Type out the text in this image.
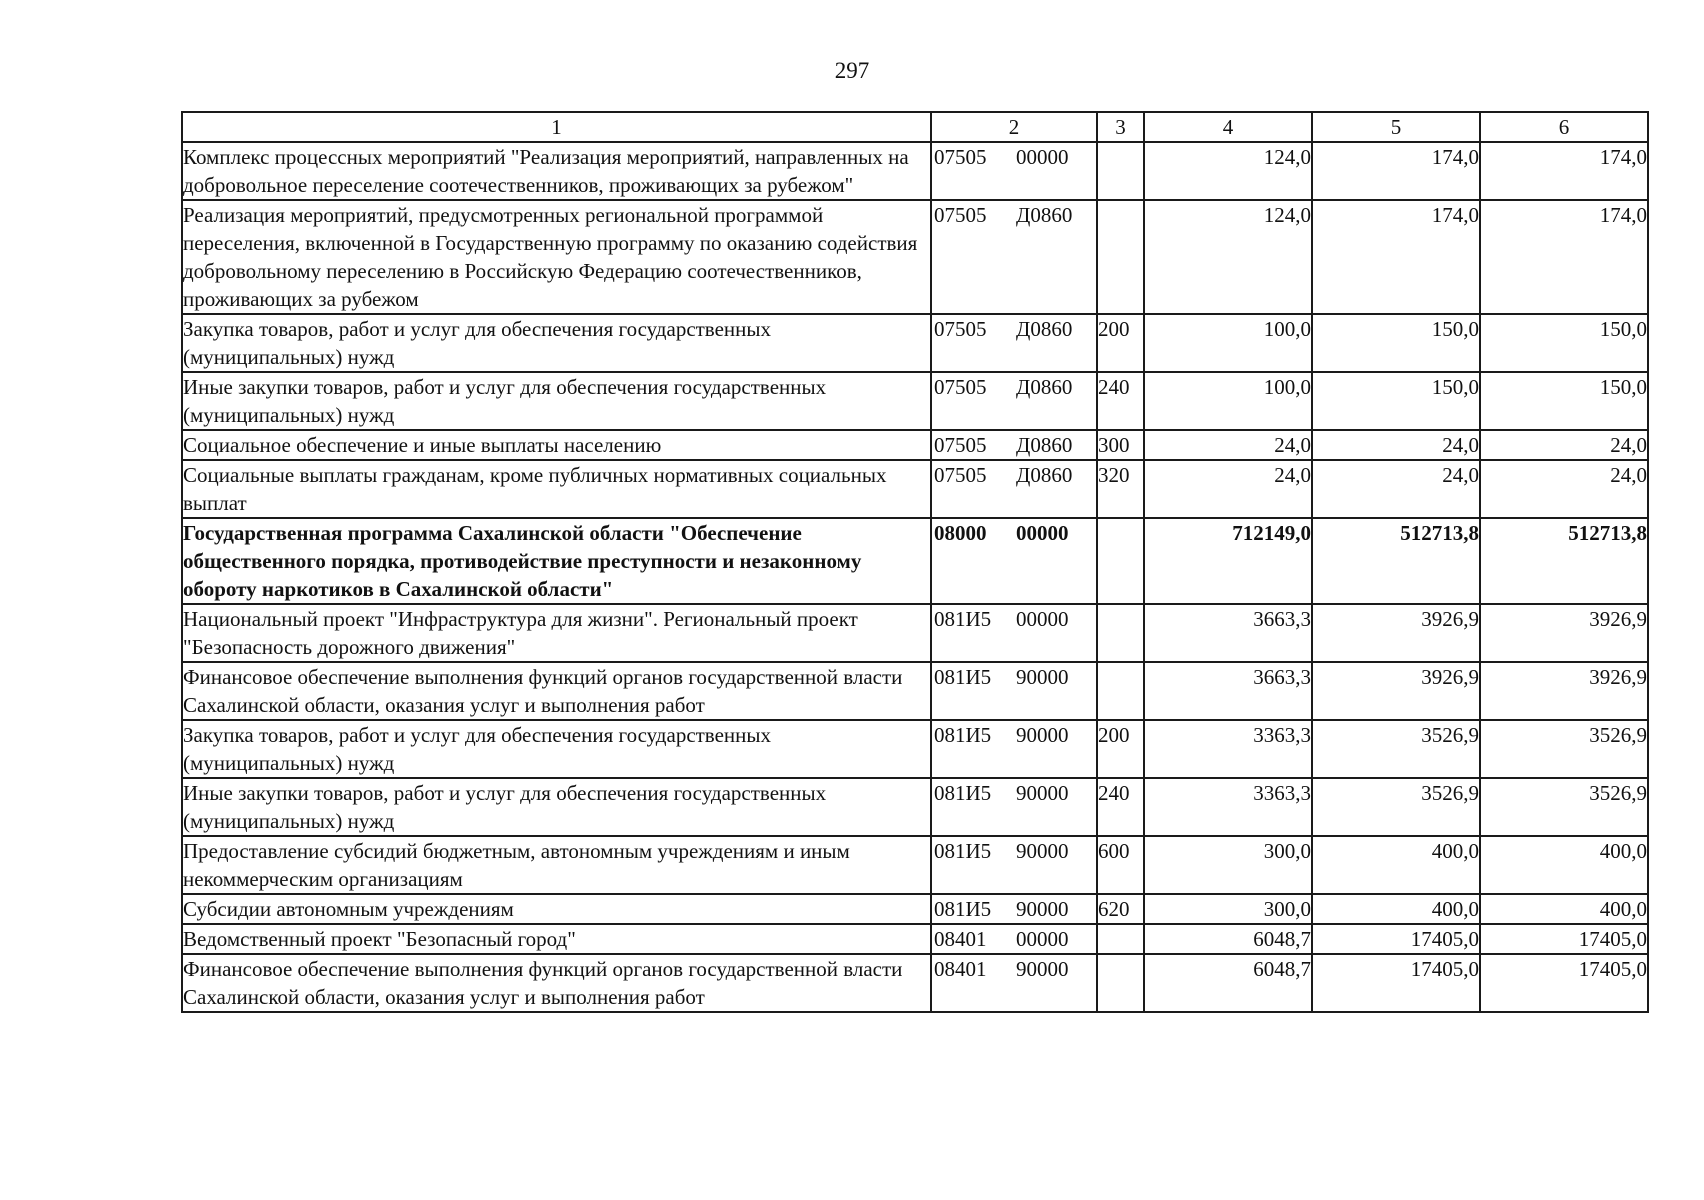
297
1	2	3	4	5	6
Комплекс процессных мероприятий "Реализация мероприятий, направленных на добровольное переселение соотечественников, проживающих за рубежом"	07505 00000		124,0	174,0	174,0
Реализация мероприятий, предусмотренных региональной программой переселения, включенной в Государственную программу по оказанию содействия добровольному переселению в Российскую Федерацию соотечественников, проживающих за рубежом	07505 Д0860		124,0	174,0	174,0
Закупка товаров, работ и услуг для обеспечения государственных (муниципальных) нужд	07505 Д0860	200	100,0	150,0	150,0
Иные закупки товаров, работ и услуг для обеспечения государственных (муниципальных) нужд	07505 Д0860	240	100,0	150,0	150,0
Социальное обеспечение и иные выплаты населению	07505 Д0860	300	24,0	24,0	24,0
Социальные выплаты гражданам, кроме публичных нормативных социальных выплат	07505 Д0860	320	24,0	24,0	24,0
Государственная программа Сахалинской области "Обеспечение общественного порядка, противодействие преступности и незаконному обороту наркотиков в Сахалинской области"	08000 00000		712149,0	512713,8	512713,8
Национальный проект "Инфраструктура для жизни". Региональный проект "Безопасность дорожного движения"	081И5 00000		3663,3	3926,9	3926,9
Финансовое обеспечение выполнения функций органов государственной власти Сахалинской области, оказания услуг и выполнения работ	081И5 90000		3663,3	3926,9	3926,9
Закупка товаров, работ и услуг для обеспечения государственных (муниципальных) нужд	081И5 90000	200	3363,3	3526,9	3526,9
Иные закупки товаров, работ и услуг для обеспечения государственных (муниципальных) нужд	081И5 90000	240	3363,3	3526,9	3526,9
Предоставление субсидий бюджетным, автономным учреждениям и иным некоммерческим организациям	081И5 90000	600	300,0	400,0	400,0
Субсидии автономным учреждениям	081И5 90000	620	300,0	400,0	400,0
Ведомственный проект "Безопасный город"	08401 00000		6048,7	17405,0	17405,0
Финансовое обеспечение выполнения функций органов государственной власти Сахалинской области, оказания услуг и выполнения работ	08401 90000		6048,7	17405,0	17405,0
